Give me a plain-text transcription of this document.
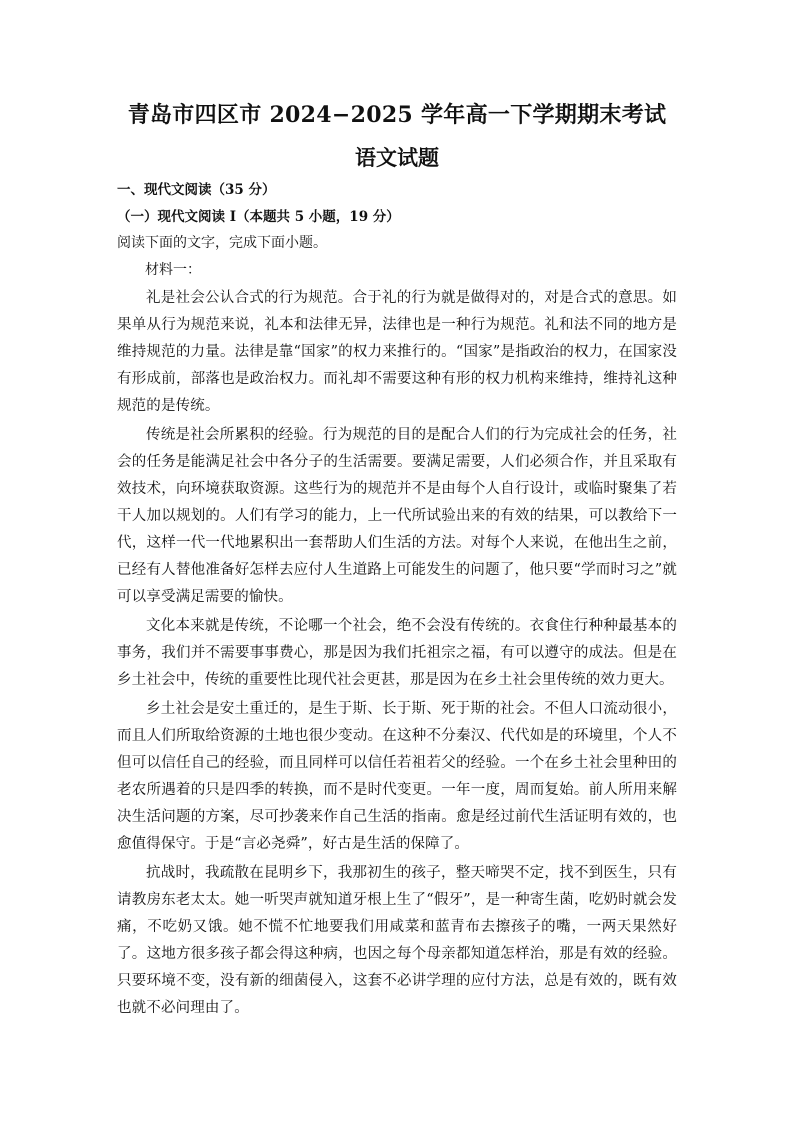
青岛市四区市 2024−2025 学年高一下学期期末考试
语文试题
一、现代文阅读（35 分）
（一）现代文阅读 I（本题共 5 小题，19 分）
阅读下面的文字，完成下面小题。
材料一：

礼是社会公认合式的行为规范。合于礼的行为就是做得对的，对是合式的意思。如果单从行为规范来说，礼本和法律无异，法律也是一种行为规范。礼和法不同的地方是维持规范的力量。法律是靠“国家”的权力来推行的。“国家”是指政治的权力，在国家没有形成前，部落也是政治权力。而礼却不需要这种有形的权力机构来维持，维持礼这种规范的是传统。

传统是社会所累积的经验。行为规范的目的是配合人们的行为完成社会的任务，社会的任务是能满足社会中各分子的生活需要。要满足需要，人们必须合作，并且采取有效技术，向环境获取资源。这些行为的规范并不是由每个人自行设计，或临时聚集了若干人加以规划的。人们有学习的能力，上一代所试验出来的有效的结果，可以教给下一代，这样一代一代地累积出一套帮助人们生活的方法。对每个人来说，在他出生之前，已经有人替他准备好怎样去应付人生道路上可能发生的问题了，他只要“学而时习之”就可以享受满足需要的愉快。

文化本来就是传统，不论哪一个社会，绝不会没有传统的。衣食住行种种最基本的事务，我们并不需要事事费心，那是因为我们托祖宗之福，有可以遵守的成法。但是在乡土社会中，传统的重要性比现代社会更甚，那是因为在乡土社会里传统的效力更大。

乡土社会是安土重迁的，是生于斯、长于斯、死于斯的社会。不但人口流动很小，而且人们所取给资源的土地也很少变动。在这种不分秦汉、代代如是的环境里，个人不但可以信任自己的经验，而且同样可以信任若祖若父的经验。一个在乡土社会里种田的老农所遇着的只是四季的转换，而不是时代变更。一年一度，周而复始。前人所用来解决生活问题的方案，尽可抄袭来作自己生活的指南。愈是经过前代生活证明有效的，也愈值得保守。于是“言必尧舜”，好古是生活的保障了。

抗战时，我疏散在昆明乡下，我那初生的孩子，整天啼哭不定，找不到医生，只有请教房东老太太。她一听哭声就知道牙根上生了“假牙”，是一种寄生菌，吃奶时就会发痛，不吃奶又饿。她不慌不忙地要我们用咸菜和蓝青布去擦孩子的嘴，一两天果然好了。这地方很多孩子都会得这种病，也因之每个母亲都知道怎样治，那是有效的经验。只要环境不变，没有新的细菌侵入，这套不必讲学理的应付方法，总是有效的，既有效也就不必问理由了。
